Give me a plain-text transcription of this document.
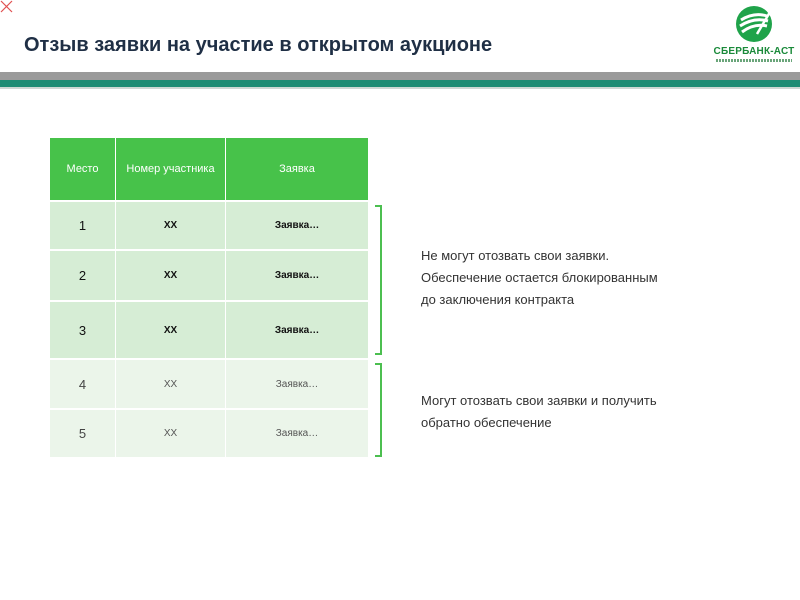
Отзыв заявки на участие в открытом аукционе	СБЕРБАНК-АСТ
Место	Номер участника	Заявка
1	ХХ	Заявка…
2	ХХ	Заявка…
3	ХХ	Заявка…
4	ХХ	Заявка…
5	ХХ	Заявка…
Не могут отозвать свои заявки.
Обеспечение остается блокированным
до заключения контракта
Могут отозвать свои заявки и получить
обратно обеспечение
